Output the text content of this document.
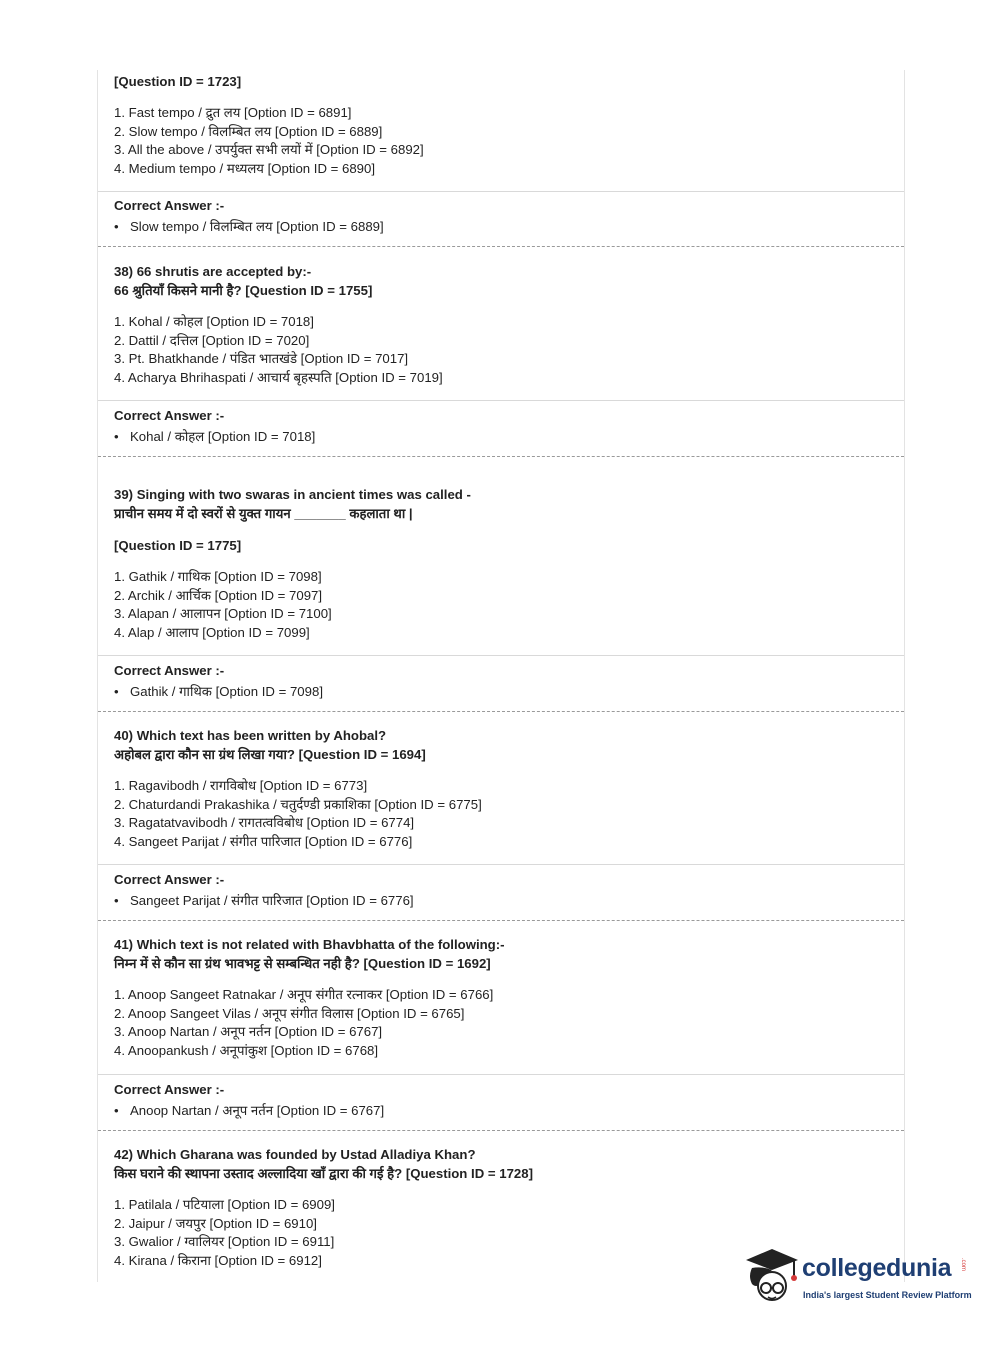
[Question ID = 1723]
1. Fast tempo / द्रुत लय [Option ID = 6891]
2. Slow tempo / विलम्बित लय [Option ID = 6889]
3. All the above / उपर्युक्त सभी लयों में [Option ID = 6892]
4. Medium tempo / मध्यलय [Option ID = 6890]
Correct Answer :-
• Slow tempo / विलम्बित लय [Option ID = 6889]
38) 66 shrutis are accepted by:-
66 श्रुतियाँ किसने मानी है? [Question ID = 1755]
1. Kohal / कोहल [Option ID = 7018]
2. Dattil / दत्तिल [Option ID = 7020]
3. Pt. Bhatkhande / पंडित भातखंडे [Option ID = 7017]
4. Acharya Bhrihaspati / आचार्य बृहस्पति [Option ID = 7019]
Correct Answer :-
• Kohal / कोहल [Option ID = 7018]
39) Singing with two swaras in ancient times was called -
प्राचीन समय में दो स्वरों से युक्त गायन _______ कहलाता था |
[Question ID = 1775]
1. Gathik / गाथिक [Option ID = 7098]
2. Archik / आर्चिक [Option ID = 7097]
3. Alapan / आलापन [Option ID = 7100]
4. Alap / आलाप [Option ID = 7099]
Correct Answer :-
• Gathik / गाथिक [Option ID = 7098]
40) Which text has been written by Ahobal?
अहोबल द्वारा कौन सा ग्रंथ लिखा गया? [Question ID = 1694]
1. Ragavibodh / रागविबोध [Option ID = 6773]
2. Chaturdandi Prakashika / चतुर्दण्डी प्रकाशिका [Option ID = 6775]
3. Ragatatvavibodh / रागतत्वविबोध [Option ID = 6774]
4. Sangeet Parijat / संगीत पारिजात [Option ID = 6776]
Correct Answer :-
• Sangeet Parijat / संगीत पारिजात [Option ID = 6776]
41) Which text is not related with Bhavbhatta of the following:-
निम्न में से कौन सा ग्रंथ भावभट्ट से सम्बन्धित नही है? [Question ID = 1692]
1. Anoop Sangeet Ratnakar / अनूप संगीत रत्नाकर [Option ID = 6766]
2. Anoop Sangeet Vilas / अनूप संगीत विलास [Option ID = 6765]
3. Anoop Nartan / अनूप नर्तन [Option ID = 6767]
4. Anoopankush / अनूपांकुश [Option ID = 6768]
Correct Answer :-
• Anoop Nartan / अनूप नर्तन [Option ID = 6767]
42) Which Gharana was founded by Ustad Alladiya Khan?
किस घराने की स्थापना उस्ताद अल्लादिया खाँ द्वारा की गई है? [Question ID = 1728]
1. Patilala / पटियाला [Option ID = 6909]
2. Jaipur / जयपुर [Option ID = 6910]
3. Gwalior / ग्वालियर [Option ID = 6911]
4. Kirana / किराना [Option ID = 6912]	collegedunia .com
India's largest Student Review Platform
